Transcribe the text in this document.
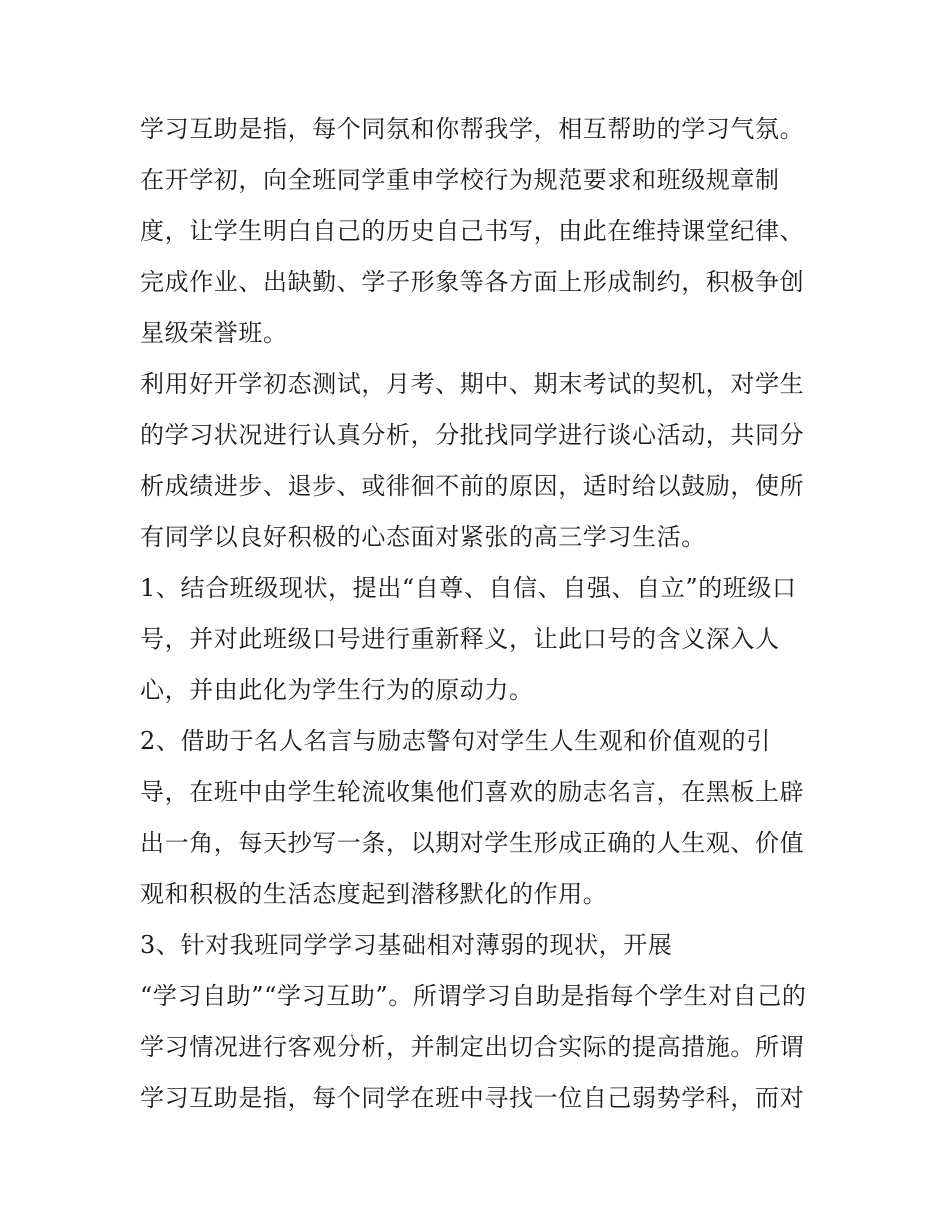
学习互助是指，每个同氛和你帮我学，相互帮助的学习气氛。
在开学初，向全班同学重申学校行为规范要求和班级规章制
度，让学生明白自己的历史自己书写，由此在维持课堂纪律、
完成作业、出缺勤、学子形象等各方面上形成制约，积极争创
星级荣誉班。
利用好开学初态测试，月考、期中、期末考试的契机，对学生
的学习状况进行认真分析，分批找同学进行谈心活动，共同分
析成绩进步、退步、或徘徊不前的原因，适时给以鼓励，使所
有同学以良好积极的心态面对紧张的高三学习生活。
1、结合班级现状，提出“自尊、自信、自强、自立”的班级口
号，并对此班级口号进行重新释义，让此口号的含义深入人
心，并由此化为学生行为的原动力。
2、借助于名人名言与励志警句对学生人生观和价值观的引
导，在班中由学生轮流收集他们喜欢的励志名言，在黑板上辟
出一角，每天抄写一条，以期对学生形成正确的人生观、价值
观和积极的生活态度起到潜移默化的作用。
3、针对我班同学学习基础相对薄弱的现状，开展
“学习自助”“学习互助”。所谓学习自助是指每个学生对自己的
学习情况进行客观分析，并制定出切合实际的提高措施。所谓
学习互助是指，每个同学在班中寻找一位自己弱势学科，而对
